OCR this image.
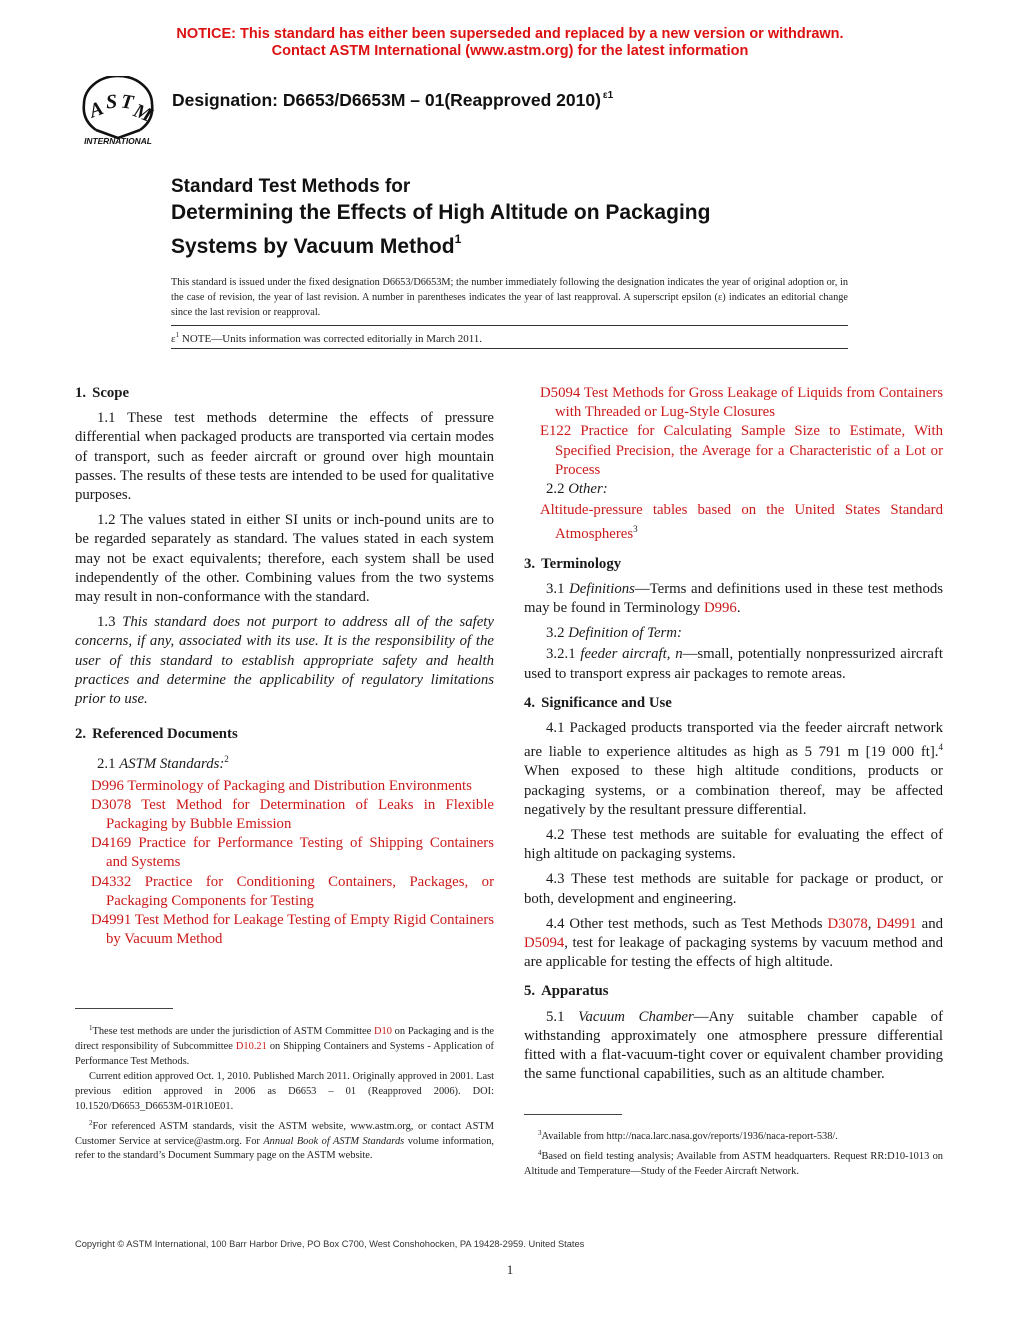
NOTICE: This standard has either been superseded and replaced by a new version or withdrawn.
Contact ASTM International (www.astm.org) for the latest information
A
S T
M
INTERNATIONAL
Designation: D6653/D6653M – 01(Reapproved 2010) $^{\varepsilon 1}$
Standard Test Methods for
Determining the Effects of High Altitude on Packaging
Systems by Vacuum Method$^1$
This standard is issued under the fixed designation D6653/D6653M; the number immediately following the designation indicates the year of original adoption or, in the case of revision, the year of last revision. A number in parentheses indicates the year of last reapproval. A superscript epsilon (ε) indicates an editorial change since the last revision or reapproval.
$\varepsilon^1$ NOTE—Units information was corrected editorially in March 2011.
1. Scope

1.1 These test methods determine the effects of pressure differential when packaged products are transported via certain modes of transport, such as feeder aircraft or ground over high mountain passes. The results of these tests are intended to be used for qualitative purposes.

1.2 The values stated in either SI units or inch-pound units are to be regarded separately as standard. The values stated in each system may not be exact equivalents; therefore, each system shall be used independently of the other. Combining values from the two systems may result in non-conformance with the standard.

1.3 This standard does not purport to address all of the safety concerns, if any, associated with its use. It is the responsibility of the user of this standard to establish appropriate safety and health practices and determine the applicability of regulatory limitations prior to use.

2. Referenced Documents
2.1 ASTM Standards:$^2$
D996 Terminology of Packaging and Distribution Environments
D3078 Test Method for Determination of Leaks in Flexible Packaging by Bubble Emission
D4169 Practice for Performance Testing of Shipping Containers and Systems
D4332 Practice for Conditioning Containers, Packages, or Packaging Components for Testing
D4991 Test Method for Leakage Testing of Empty Rigid Containers by Vacuum Method

$^1$These test methods are under the jurisdiction of ASTM Committee D10 on Packaging and is the direct responsibility of Subcommittee D10.21 on Shipping Containers and Systems - Application of Performance Test Methods.

Current edition approved Oct. 1, 2010. Published March 2011. Originally approved in 2001. Last previous edition approved in 2006 as D6653 – 01 (Reapproved 2006). DOI: 10.1520/D6653_D6653M-01R10E01.

$^2$For referenced ASTM standards, visit the ASTM website, www.astm.org, or contact ASTM Customer Service at service@astm.org. For Annual Book of ASTM Standards volume information, refer to the standard’s Document Summary page on the ASTM website.

D5094 Test Methods for Gross Leakage of Liquids from Containers with Threaded or Lug-Style Closures
E122 Practice for Calculating Sample Size to Estimate, With Specified Precision, the Average for a Characteristic of a Lot or Process
2.2 Other:
Altitude-pressure tables based on the United States Standard Atmospheres$^3$
3. Terminology

3.1 Definitions—Terms and definitions used in these test methods may be found in Terminology D996.

3.2 Definition of Term:

3.2.1 feeder aircraft, n—small, potentially nonpressurized aircraft used to transport express air packages to remote areas.

4. Significance and Use

4.1 Packaged products transported via the feeder aircraft network are liable to experience altitudes as high as 5 791 m [19 000 ft].$^4$ When exposed to these high altitude conditions, products or packaging systems, or a combination thereof, may be affected negatively by the resultant pressure differential.

4.2 These test methods are suitable for evaluating the effect of high altitude on packaging systems.

4.3 These test methods are suitable for package or product, or both, development and engineering.

4.4 Other test methods, such as Test Methods D3078, D4991 and D5094, test for leakage of packaging systems by vacuum method and are applicable for testing the effects of high altitude.

5. Apparatus

5.1 Vacuum Chamber—Any suitable chamber capable of withstanding approximately one atmosphere pressure differential fitted with a flat-vacuum-tight cover or equivalent chamber providing the same functional capabilities, such as an altitude chamber.

$^3$Available from http://naca.larc.nasa.gov/reports/1936/naca-report-538/.

$^4$Based on field testing analysis; Available from ASTM headquarters. Request RR:D10-1013 on Altitude and Temperature—Study of the Feeder Aircraft Network.

Copyright © ASTM International, 100 Barr Harbor Drive, PO Box C700, West Conshohocken, PA 19428-2959. United States
1
